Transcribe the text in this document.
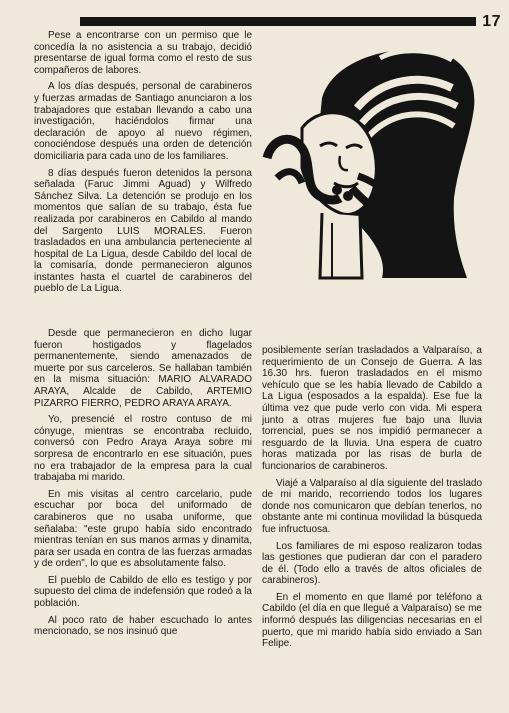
17

Pese a encontrarse con un permiso que le concedía la no asistencia a su trabajo, decidió presentarse de igual forma como el resto de sus compañeros de labores.

A los días después, personal de carabineros y fuerzas armadas de Santiago anunciaron a los trabajadores que estaban llevando a cabo una investigación, haciéndolos firmar una declaración de apoyo al nuevo régimen, conociéndose después una orden de detención domiciliaria para cada uno de los familiares.

8 días después fueron detenidos la persona señalada (Faruc Jimmi Aguad) y Wilfredo Sánchez Silva. La detención se produjo en los momentos que salían de su trabajo, ésta fue realizada por carabineros en Cabildo al mando del Sargento LUIS MORALES. Fueron trasladados en una ambulancia perteneciente al hospital de La Ligua, desde Cabildo del local de la comisaría, donde permanecieron algunos instantes hasta el cuartel de carabineros del pueblo de La Ligua.

Desde que permanecieron en dicho lugar fueron hostigados y flagelados permanentemente, siendo amenazados de muerte por sus carceleros. Se hallaban también en la misma situación: MARIO ALVARADO ARAYA, Alcalde de Cabildo, ARTEMIO PIZARRO FIERRO, PEDRO ARAYA ARAYA.

Yo, presencié el rostro contuso de mi cónyuge, mientras se encontraba recluido, conversó con Pedro Araya Araya sobre mi sorpresa de encontrarlo en ese situación, pues no era trabajador de la empresa para la cual trabajaba mi marido.

En mis visitas al centro carcelario, pude escuchar por boca del uniformado de carabineros que no usaba uniforme, que señalaba: "este grupo había sido encontrado mientras tenían en sus manos armas y dinamita, para ser usada en contra de las fuerzas armadas y de orden", lo que es absolutamente falso.

El pueblo de Cabildo de ello es testigo y por supuesto del clima de indefensión que rodeó a la población.

Al poco rato de haber escuchado lo antes mencionado, se nos insinuó que

posiblemente serían trasladados a Valparaíso, a requerimiento de un Consejo de Guerra. A las 16.30 hrs. fueron trasladados en el mismo vehículo que se les había llevado de Cabildo a La Ligua (esposados a la espalda). Ese fue la última vez que pude verlo con vida. Mi espera junto a otras mujeres fue bajo una lluvia torrencial, pues se nos impidió permanecer a resguardo de la lluvia. Una espera de cuatro horas matizada por las risas de burla de funcionarios de carabineros.

Viajé a Valparaíso al día siguiente del traslado de mi marido, recorriendo todos los lugares donde nos comunicaron que debían tenerlos, no obstante ante mi continua movilidad la búsqueda fue infructuosa.

Los familiares de mi esposo realizaron todas las gestiones que pudieran dar con el paradero de él. (Todo ello a través de altos oficiales de carabineros).

En el momento en que llamé por teléfono a Cabildo (el día en que llegué a Valparaíso) se me informó después las diligencias necesarias en el puerto, que mi marido había sido enviado a San Felipe.
